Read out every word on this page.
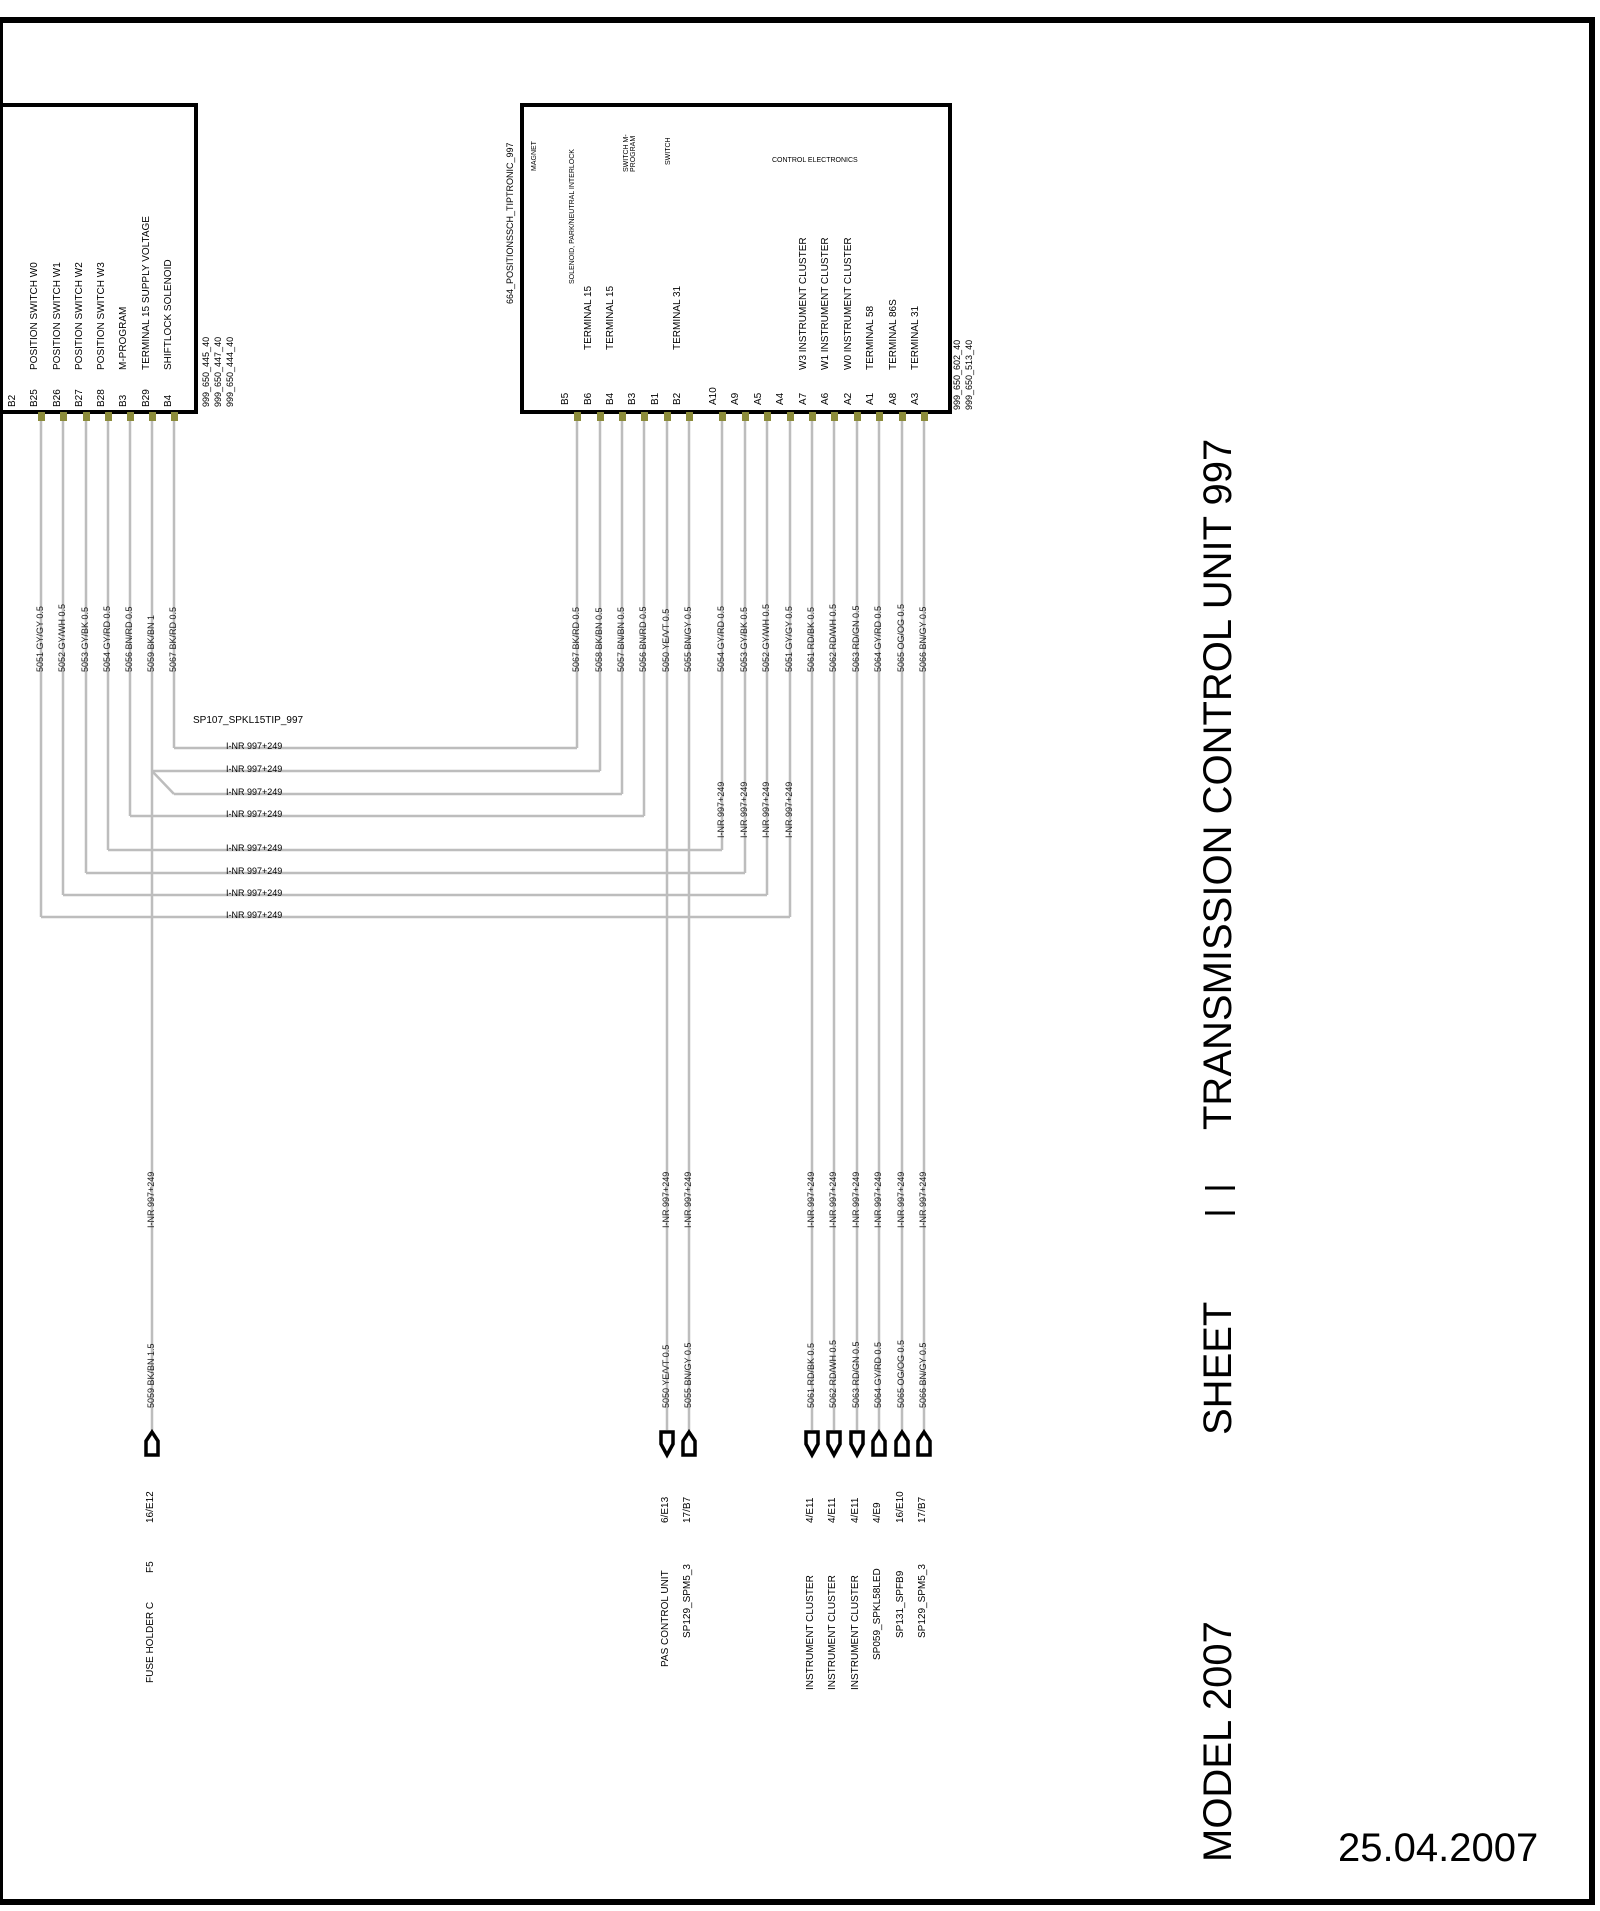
B2 B25 B26 B27 B28 B3 B29 B4
POSITION SWITCH W0 POSITION SWITCH W1 POSITION SWITCH W2 POSITION SWITCH W3 M-PROGRAM TERMINAL 15 SUPPLY VOLTAGE SHIFTLOCK SOLENOID
999_650_445_40 999_650_447_40 999_650_444_40
664_POSITIONSSCH_TIPTRONIC_997 MAGNET	SOLENOID, PARK/NEUTRAL INTERLOCK	SWITCH M-PROGRAM	SWITCH	CONTROL ELECTRONICS
B5 B6 B4 B3 B1 B2	A10 A9 A5 A4 A7 A6 A2 A1 A8 A3
TERMINAL 15 TERMINAL 15	TERMINAL 31	W3 INSTRUMENT CLUSTER W1 INSTRUMENT CLUSTER W0 INSTRUMENT CLUSTER TERMINAL 58 TERMINAL 86S TERMINAL 31
999_650_602_40 999_650_513_40
5051 GY/GY 0.5 5052 GY/WH 0.5 5053 GY/BK 0.5 5054 GY/RD 0.5 5056 BN/RD 0.5 5059 BK/BN 1 5067 BK/RD 0.5	5067 BK/RD 0.5 5058 BK/BN 0.5 5057 BN/BN 0.5 5056 BN/RD 0.5 5050 YE/VT 0.5 5055 BN/GY 0.5	5054 GY/RD 0.5 5053 GY/BK 0.5 5052 GY/WH 0.5 5051 GY/GY 0.5 5061 RD/BK 0.5 5062 RD/WH 0.5 5063 RD/GN 0.5 5064 GY/RD 0.5 5065 OG/OG 0.5 5066 BN/GY 0.5
SP107_SPKL15TIP_997
I-NR 997+249
I-NR 997+249
I-NR 997+249
I-NR 997+249
I-NR 997+249
I-NR 997+249
I-NR 997+249
I-NR 997+249
I-NR 997+249 I-NR 997+249 I-NR 997+249 I-NR 997+249
I-NR 997+249	I-NR 997+249 I-NR 997+249	I-NR 997+249 I-NR 997+249 I-NR 997+249 I-NR 997+249 I-NR 997+249 I-NR 997+249
5059 BK/BN 1.5	5050 YE/VT 0.5 5055 BN/GY 0.5	5061 RD/BK 0.5 5062 RD/WH 0.5 5063 RD/GN 0.5 5064 GY/RD 0.5 5065 OG/OG 0.5 5066 BN/GY 0.5
16/E12	6/E13 17/B7	4/E11 4/E11 4/E11 4/E9 16/E10 17/B7
F5
FUSE HOLDER C	PAS CONTROL UNIT SP129_SPM5_3	INSTRUMENT CLUSTER INSTRUMENT CLUSTER INSTRUMENT CLUSTER SP059_SPKL58LED SP131_SPFB9 SP129_SPM5_3
TRANSMISSION CONTROL UNIT 997
SHEET
MODEL 2007 25.04.2007
